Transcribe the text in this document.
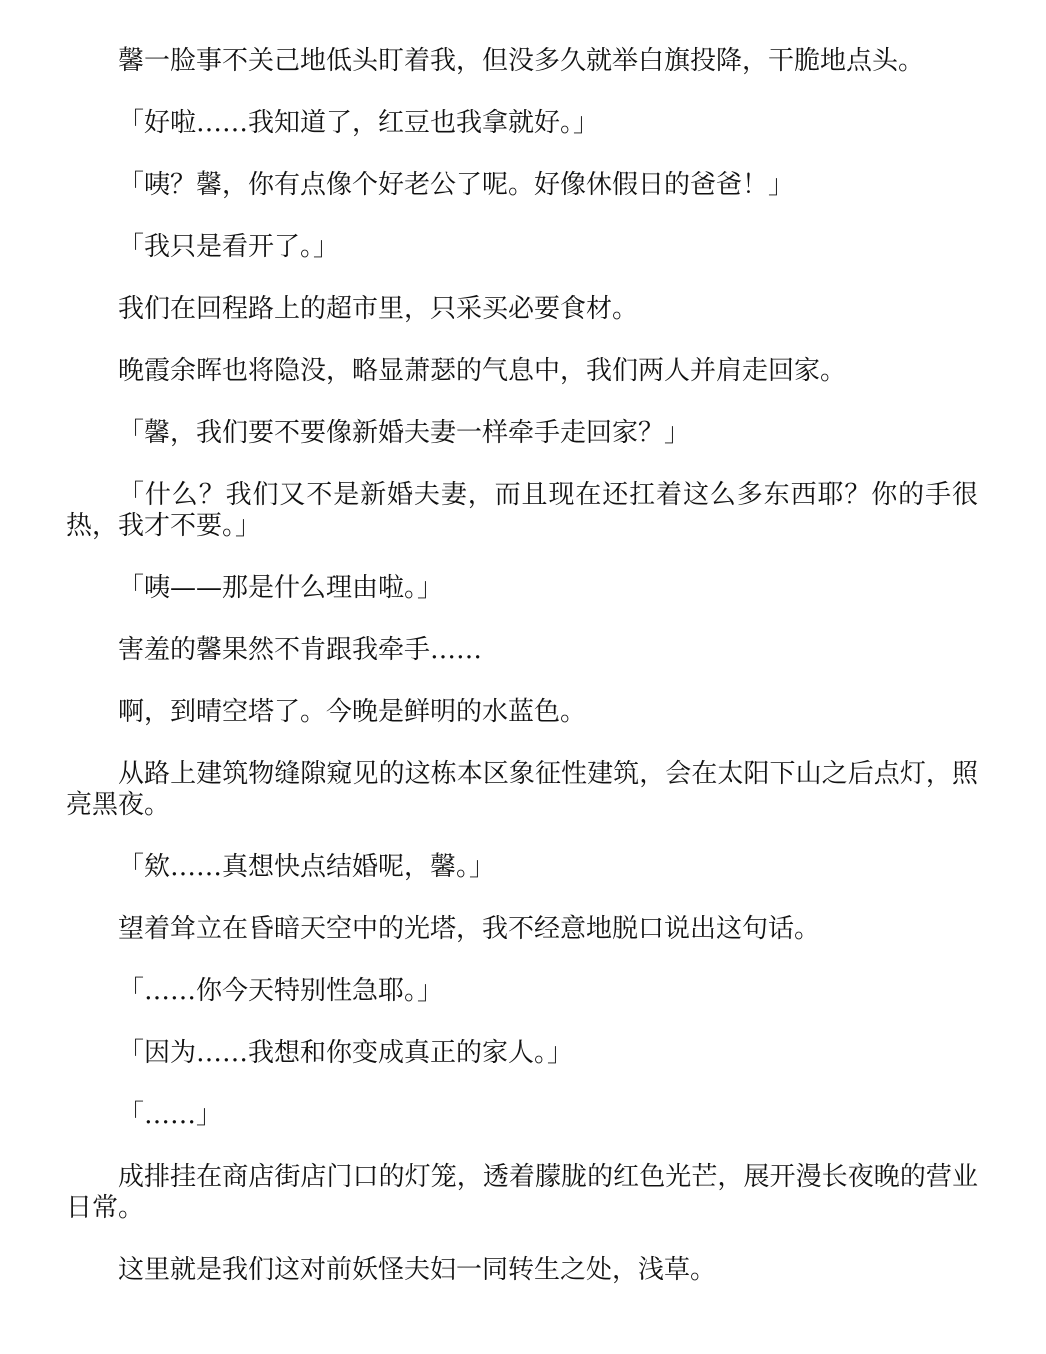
馨一脸事不关己地低头盯着我，但没多久就举白旗投降，干脆地点头。

「好啦……我知道了，红豆也我拿就好。」

「咦？馨，你有点像个好老公了呢。好像休假日的爸爸！」

「我只是看开了。」

我们在回程路上的超市里，只采买必要食材。

晚霞余晖也将隐没，略显萧瑟的气息中，我们两人并肩走回家。

「馨，我们要不要像新婚夫妻一样牵手走回家？」

「什么？我们又不是新婚夫妻，而且现在还扛着这么多东西耶？你的手很热，我才不要。」

「咦——那是什么理由啦。」

害羞的馨果然不肯跟我牵手……

啊，到晴空塔了。今晚是鲜明的水蓝色。

从路上建筑物缝隙窥见的这栋本区象征性建筑，会在太阳下山之后点灯，照亮黑夜。

「欸……真想快点结婚呢，馨。」

望着耸立在昏暗天空中的光塔，我不经意地脱口说出这句话。

「……你今天特别性急耶。」

「因为……我想和你变成真正的家人。」

「……」

成排挂在商店街店门口的灯笼，透着朦胧的红色光芒，展开漫长夜晚的营业日常。

这里就是我们这对前妖怪夫妇一同转生之处，浅草。
